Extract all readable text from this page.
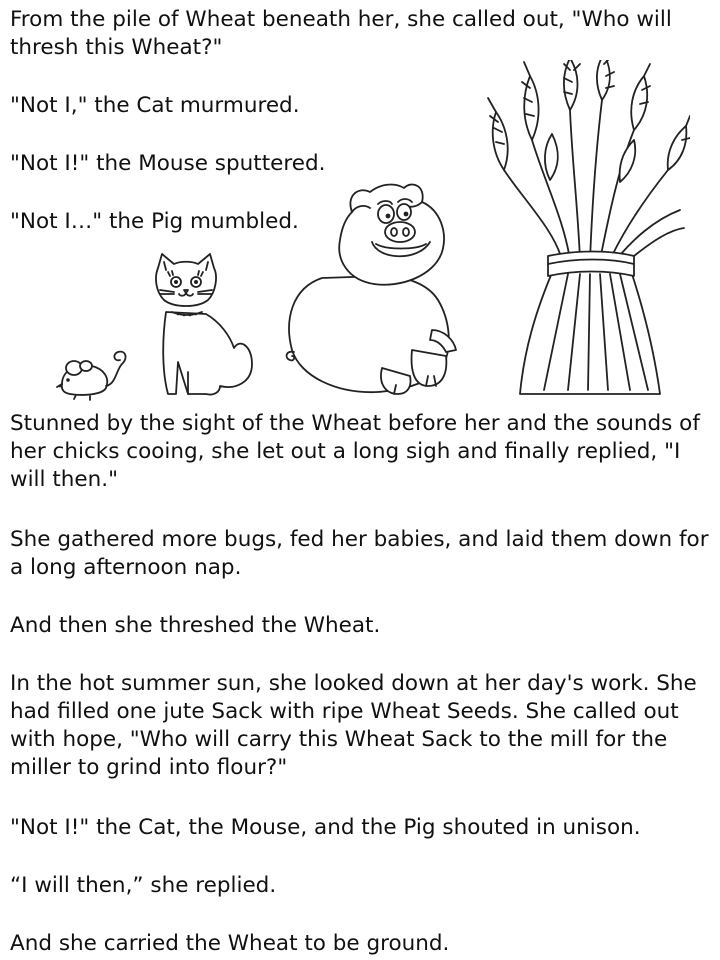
From the pile of Wheat beneath her, she called out, "Who will thresh this Wheat?"

"Not I," the Cat murmured.

"Not I!" the Mouse sputtered.

"Not I…" the Pig mumbled.

Stunned by the sight of the Wheat before her and the sounds of her chicks cooing, she let out a long sigh and finally replied, "I will then."

She gathered more bugs, fed her babies, and laid them down for a long afternoon nap.

And then she threshed the Wheat.

In the hot summer sun, she looked down at her day's work. She had filled one jute Sack with ripe Wheat Seeds. She called out with hope, "Who will carry this Wheat Sack to the mill for the miller to grind into flour?"

"Not I!" the Cat, the Mouse, and the Pig shouted in unison.

“I will then,” she replied.

And she carried the Wheat to be ground.
